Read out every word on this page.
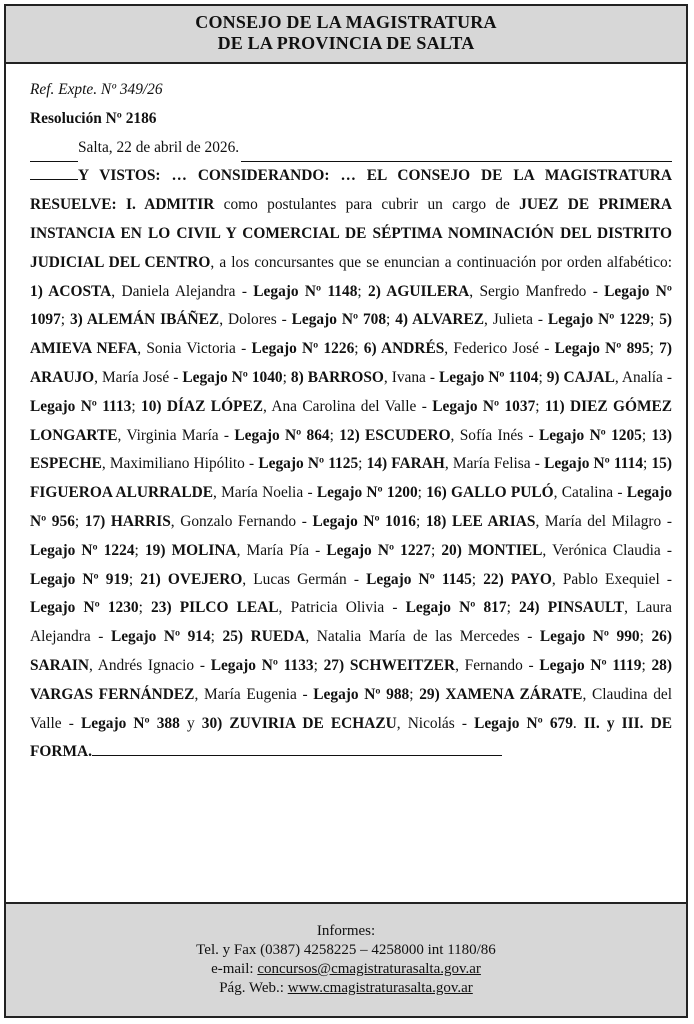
CONSEJO DE LA MAGISTRATURA
DE LA PROVINCIA DE SALTA
Ref. Expte. Nº 349/26
Resolución Nº 2186
Salta, 22 de abril de 2026.
Y VISTOS: … CONSIDERANDO: … EL CONSEJO DE LA MAGISTRATURA RESUELVE: I. ADMITIR como postulantes para cubrir un cargo de JUEZ DE PRIMERA INSTANCIA EN LO CIVIL Y COMERCIAL DE SÉPTIMA NOMINACIÓN DEL DISTRITO JUDICIAL DEL CENTRO, a los concursantes que se enuncian a continuación por orden alfabético: 1) ACOSTA, Daniela Alejandra - Legajo Nº 1148; 2) AGUILERA, Sergio Manfredo - Legajo Nº 1097; 3) ALEMÁN IBÁÑEZ, Dolores - Legajo Nº 708; 4) ALVAREZ, Julieta - Legajo Nº 1229; 5) AMIEVA NEFA, Sonia Victoria - Legajo Nº 1226; 6) ANDRÉS, Federico José - Legajo Nº 895; 7) ARAUJO, María José - Legajo Nº 1040; 8) BARROSO, Ivana - Legajo Nº 1104; 9) CAJAL, Analía - Legajo Nº 1113; 10) DÍAZ LÓPEZ, Ana Carolina del Valle - Legajo Nº 1037; 11) DIEZ GÓMEZ LONGARTE, Virginia María - Legajo Nº 864; 12) ESCUDERO, Sofía Inés - Legajo Nº 1205; 13) ESPECHE, Maximiliano Hipólito - Legajo Nº 1125; 14) FARAH, María Felisa - Legajo Nº 1114; 15) FIGUEROA ALURRALDE, María Noelia - Legajo Nº 1200; 16) GALLO PULÓ, Catalina - Legajo Nº 956; 17) HARRIS, Gonzalo Fernando - Legajo Nº 1016; 18) LEE ARIAS, María del Milagro - Legajo Nº 1224; 19) MOLINA, María Pía - Legajo Nº 1227; 20) MONTIEL, Verónica Claudia - Legajo Nº 919; 21) OVEJERO, Lucas Germán - Legajo Nº 1145; 22) PAYO, Pablo Exequiel - Legajo Nº 1230; 23) PILCO LEAL, Patricia Olivia - Legajo Nº 817; 24) PINSAULT, Laura Alejandra - Legajo Nº 914; 25) RUEDA, Natalia María de las Mercedes - Legajo Nº 990; 26) SARAIN, Andrés Ignacio - Legajo Nº 1133; 27) SCHWEITZER, Fernando - Legajo Nº 1119; 28) VARGAS FERNÁNDEZ, María Eugenia - Legajo Nº 988; 29) XAMENA ZÁRATE, Claudina del Valle - Legajo Nº 388 y 30) ZUVIRIA DE ECHAZU, Nicolás - Legajo Nº 679. II. y III. DE FORMA.
Informes:
Tel. y Fax (0387) 4258225 – 4258000 int 1180/86
e-mail: concursos@cmagistraturasalta.gov.ar
Pág. Web.: www.cmagistraturasalta.gov.ar
